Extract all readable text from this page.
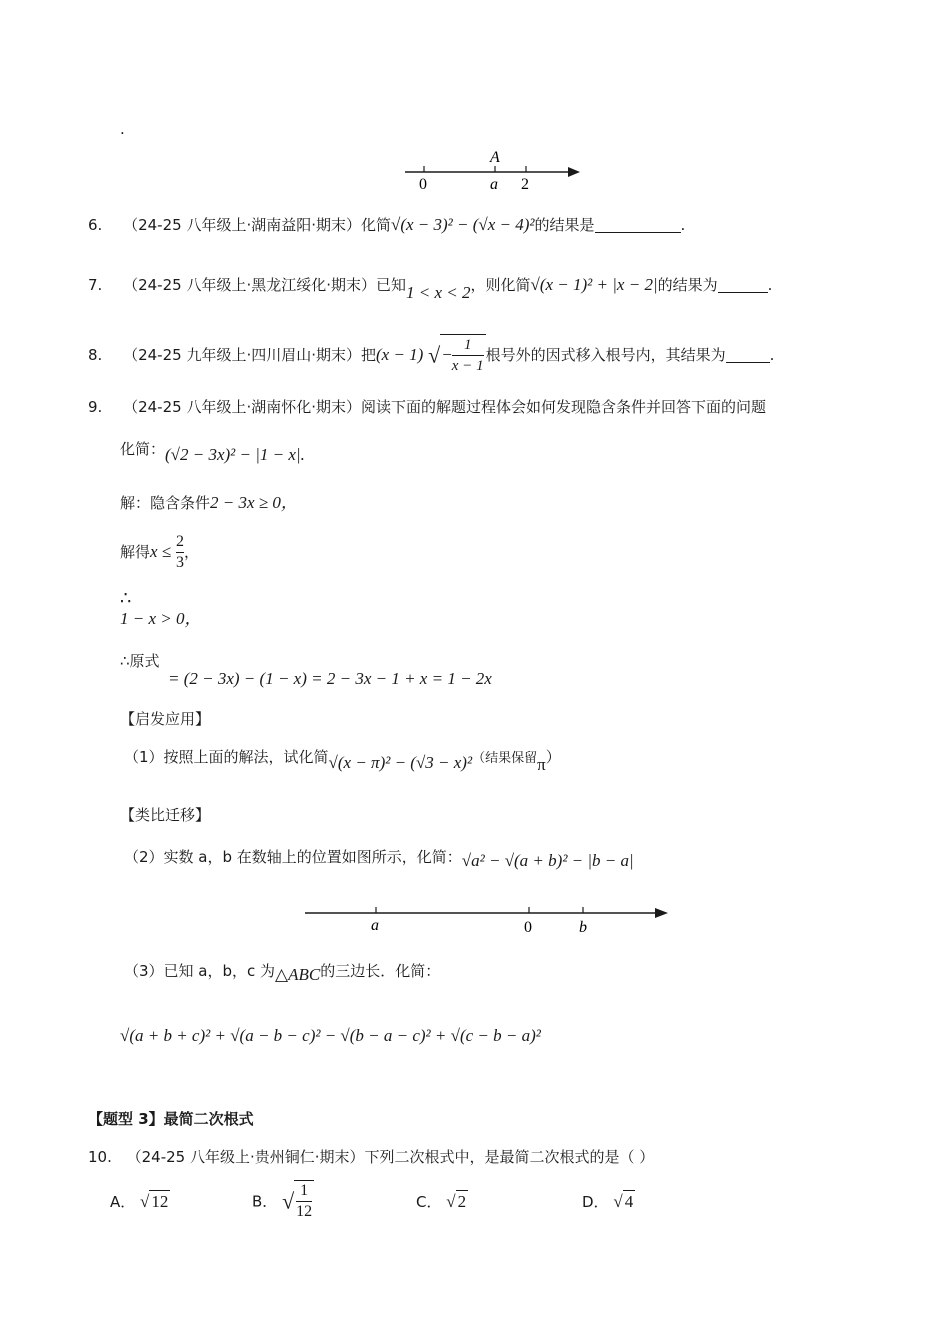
.
A
0	a 2
6. （24-25 八年级上·湖南益阳·期末）化简√(x − 3)² − (√x − 4)²的结果是	.
7. （24-25 八年级上·黑龙江绥化·期末）已知1 < x < 2，则化简√(x − 1)² + |x − 2|的结果为	.
8. （24-25 九年级上·四川眉山·期末）把(x − 1) √ − $\frac{1}{x - 1}$ 根号外的因式移入根号内，其结果为	.
9. （24-25 八年级上·湖南怀化·期末）阅读下面的解题过程体会如何发现隐含条件并回答下面的问题
化简：(√2 − 3x)² − |1 − x|.
解：隐含条件2 − 3x ≥ 0，
解得$x \le \frac{2}{3}$ ，
∴
1 − x > 0，
∴原式
= (2 − 3x) − (1 − x) = 2 − 3x − 1 + x = 1 − 2x
【启发应用】
（1）按照上面的解法，试化简√(x − π)² − (√3 − x)²（结果保留π）
【类比迁移】
（2）实数 a，b 在数轴上的位置如图所示，化简：√a² − √(a + b)² − |b − a|
a	0	b
（3）已知 a，b，c 为△ABC的三边长．化简：
√(a + b + c)² + √(a − b − c)² − √(b − a − c)² + √(c − b − a)²
【题型 3】最简二次根式
10. （24-25 八年级上·贵州铜仁·期末）下列二次根式中，是最简二次根式的是（ ）
A． √ 12	B． √ $\frac{1}{12}$	C． √ 2	D． √ 4
